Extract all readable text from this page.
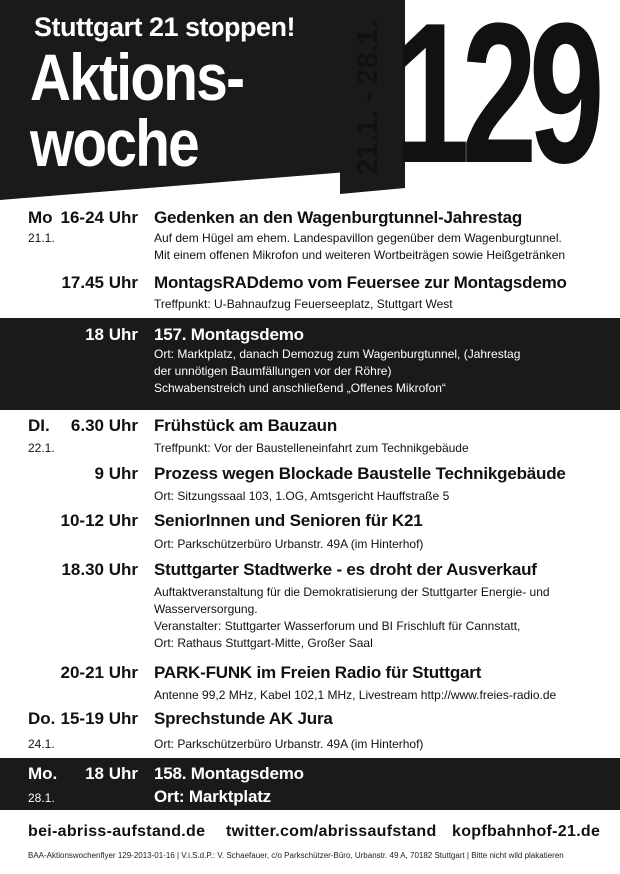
Stuttgart 21 stoppen!
Aktions-
woche	21.1. - 28.1. 129
Mo 16-24 Uhr Gedenken an den Wagenburgtunnel-Jahrestag
21.1.	Auf dem Hügel am ehem. Landespavillon gegenüber dem Wagenburgtunnel.
Mit einem offenen Mikrofon und weiteren Wortbeiträgen sowie Heißgetränken
17.45 Uhr MontagsRADdemo vom Feuersee zur Montagsdemo
Treffpunkt: U-Bahnaufzug Feuerseeplatz, Stuttgart West
18 Uhr 157. Montagsdemo
Ort: Marktplatz, danach Demozug zum Wagenburgtunnel, (Jahrestag
der unnötigen Baumfällungen vor der Röhre)
Schwabenstreich und anschließend „Offenes Mikrofon“
DI. 6.30 Uhr Frühstück am Bauzaun
22.1.	Treffpunkt: Vor der Baustelleneinfahrt zum Technikgebäude
9 Uhr Prozess wegen Blockade Baustelle Technikgebäude
Ort: Sitzungssaal 103, 1.OG, Amtsgericht Hauffstraße 5
10-12 Uhr SeniorInnen und Senioren für K21
Ort: Parkschützerbüro Urbanstr. 49A (im Hinterhof)
18.30 Uhr Stuttgarter Stadtwerke - es droht der Ausverkauf
Auftaktveranstaltung für die Demokratisierung der Stuttgarter Energie- und
Wasserversorgung.
Veranstalter: Stuttgarter Wasserforum und BI Frischluft für Cannstatt,
Ort: Rathaus Stuttgart-Mitte, Großer Saal
20-21 Uhr PARK-FUNK im Freien Radio für Stuttgart
Antenne 99,2 MHz, Kabel 102,1 MHz, Livestream http://www.freies-radio.de
Do. 15-19 Uhr Sprechstunde AK Jura
24.1.	Ort: Parkschützerbüro Urbanstr. 49A (im Hinterhof)
Mo. 18 Uhr 158. Montagsdemo
28.1.	Ort: Marktplatz
bei-abriss-aufstand.de twitter.com/abrissaufstand kopfbahnhof-21.de
BAA-Aktionswochenflyer 129-2013-01-16 | V.i.S.d.P.: V. Schaefauer, c/o Parkschützer-Büro, Urbanstr. 49 A, 70182 Stuttgart | Bitte nicht wild plakatieren
